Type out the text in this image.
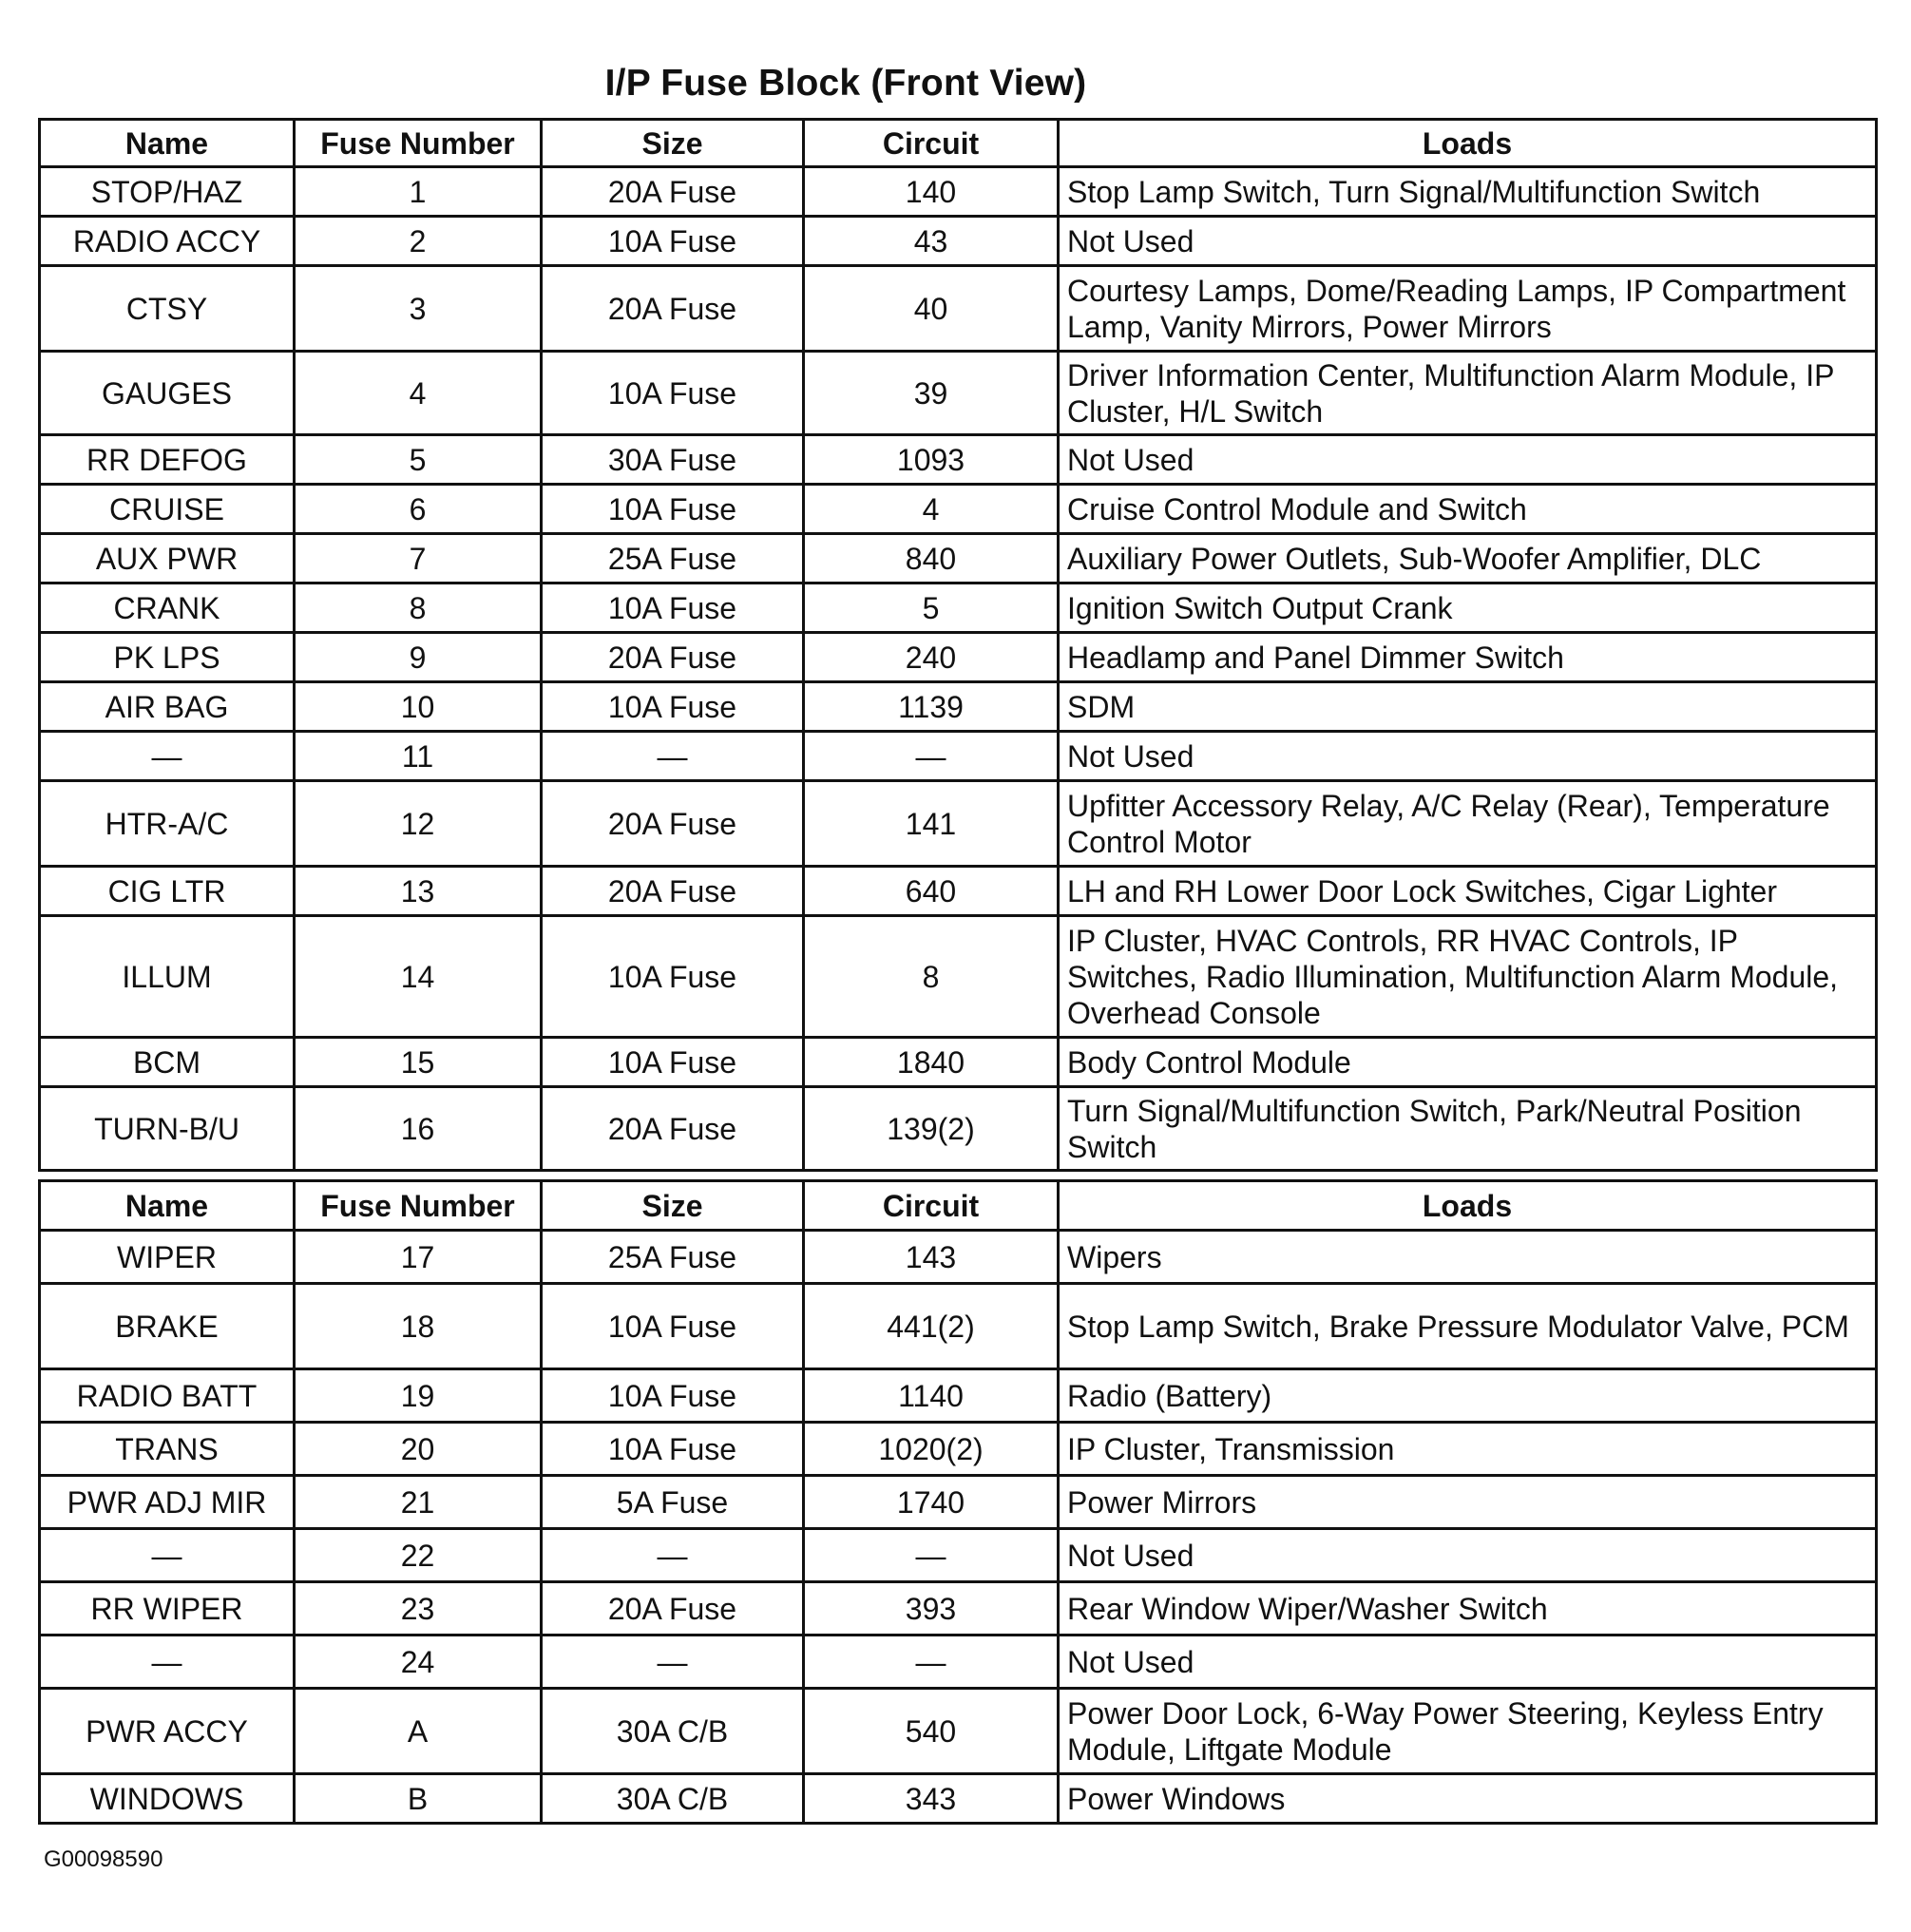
I/P Fuse Block (Front View)
Name	Fuse Number	Size	Circuit	Loads
STOP/HAZ	1	20A Fuse	140	Stop Lamp Switch, Turn Signal/Multifunction Switch
RADIO ACCY	2	10A Fuse	43	Not Used
CTSY	3	20A Fuse	40	Courtesy Lamps, Dome/Reading Lamps, IP Compartment Lamp, Vanity Mirrors, Power Mirrors
GAUGES	4	10A Fuse	39	Driver Information Center, Multifunction Alarm Module, IP Cluster, H/L Switch
RR DEFOG	5	30A Fuse	1093	Not Used
CRUISE	6	10A Fuse	4	Cruise Control Module and Switch
AUX PWR	7	25A Fuse	840	Auxiliary Power Outlets, Sub-Woofer Amplifier, DLC
CRANK	8	10A Fuse	5	Ignition Switch Output Crank
PK LPS	9	20A Fuse	240	Headlamp and Panel Dimmer Switch
AIR BAG	10	10A Fuse	1139	SDM
—	11	—	—	Not Used
HTR-A/C	12	20A Fuse	141	Upfitter Accessory Relay, A/C Relay (Rear), Temperature Control Motor
CIG LTR	13	20A Fuse	640	LH and RH Lower Door Lock Switches, Cigar Lighter
ILLUM	14	10A Fuse	8	IP Cluster, HVAC Controls, RR HVAC Controls, IP Switches, Radio Illumination, Multifunction Alarm Module, Overhead Console
BCM	15	10A Fuse	1840	Body Control Module
TURN-B/U	16	20A Fuse	139(2)	Turn Signal/Multifunction Switch, Park/Neutral Position Switch
Name	Fuse Number	Size	Circuit	Loads
WIPER	17	25A Fuse	143	Wipers
BRAKE	18	10A Fuse	441(2)	Stop Lamp Switch, Brake Pressure Modulator Valve, PCM
RADIO BATT	19	10A Fuse	1140	Radio (Battery)
TRANS	20	10A Fuse	1020(2)	IP Cluster, Transmission
PWR ADJ MIR	21	5A Fuse	1740	Power Mirrors
—	22	—	—	Not Used
RR WIPER	23	20A Fuse	393	Rear Window Wiper/Washer Switch
—	24	—	—	Not Used
PWR ACCY	A	30A C/B	540	Power Door Lock, 6-Way Power Steering, Keyless Entry Module, Liftgate Module
WINDOWS	B	30A C/B	343	Power Windows
G00098590
